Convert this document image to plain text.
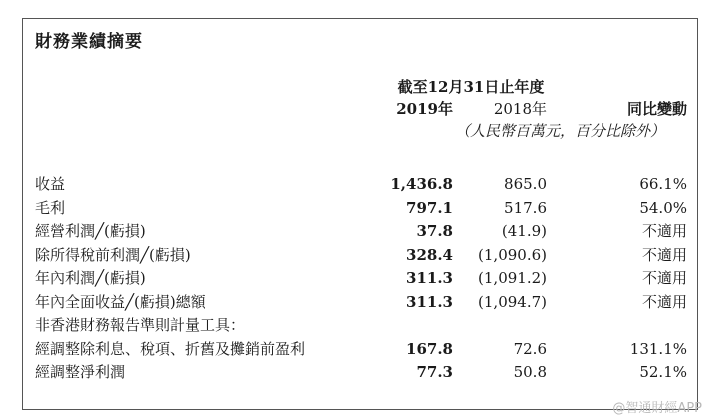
財務業績摘要
截至12月31日止年度
2019年	2018年	同比變動
（人民幣百萬元，百分比除外）
收益	1,436.8	865.0	66.1%
毛利	797.1	517.6	54.0%
經營利潤╱(虧損)	37.8	(41.9)	不適用
除所得稅前利潤╱(虧損)	328.4 (1,090.6)	不適用
年內利潤╱(虧損)	311.3 (1,091.2)	不適用
年內全面收益╱(虧損)總額	311.3 (1,094.7)	不適用
非香港財務報告準則計量工具：
經調整除利息、稅項、折舊及攤銷前盈利	167.8	72.6	131.1%
經調整淨利潤	77.3	50.8	52.1%
@智通財經APP
